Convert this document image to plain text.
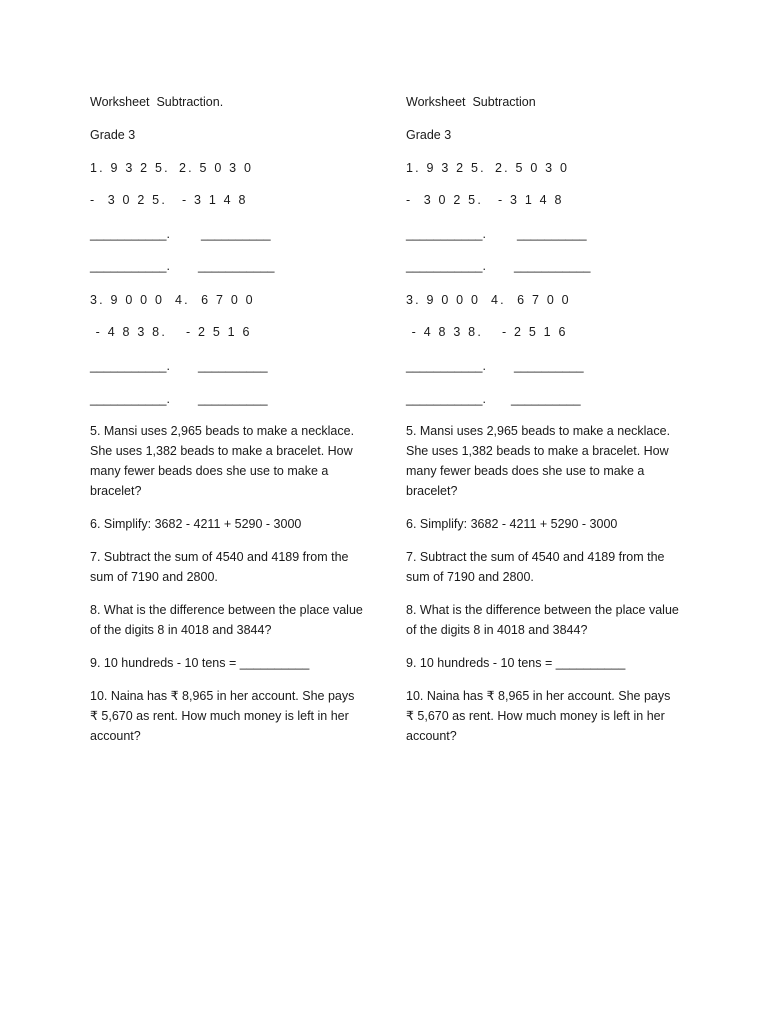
Worksheet  Subtraction.
Grade 3
1. 9 3 2 5. 2. 5 0 3 0
-  3 0 2 5. - 3 1 4 8
___________. __________
___________. ___________
3. 9 0 0 0 4.  6 7 0 0
- 4 8 3 8. - 2 5 1 6
___________. __________
___________. __________
5. Mansi uses 2,965 beads to make a necklace. She uses 1,382 beads to make a bracelet. How many fewer beads does she use to make a bracelet?
6. Simplify: 3682 - 4211 + 5290 - 3000
7. Subtract the sum of 4540 and 4189 from the sum of 7190 and 2800.
8. What is the difference between the place value of the digits 8 in 4018 and 3844?
9. 10 hundreds - 10 tens = __________
10. Naina has ₹ 8,965 in her account. She pays ₹ 5,670 as rent. How much money is left in her account?
Worksheet  Subtraction
Grade 3
1. 9 3 2 5. 2. 5 0 3 0
-  3 0 2 5. - 3 1 4 8
___________. __________
___________. ___________
3. 9 0 0 0 4.  6 7 0 0
- 4 8 3 8. - 2 5 1 6
___________. __________
___________. __________
5. Mansi uses 2,965 beads to make a necklace. She uses 1,382 beads to make a bracelet. How many fewer beads does she use to make a bracelet?
6. Simplify: 3682 - 4211 + 5290 - 3000
7. Subtract the sum of 4540 and 4189 from the sum of 7190 and 2800.
8. What is the difference between the place value of the digits 8 in 4018 and 3844?
9. 10 hundreds - 10 tens = __________
10. Naina has ₹ 8,965 in her account. She pays ₹ 5,670 as rent. How much money is left in her account?
